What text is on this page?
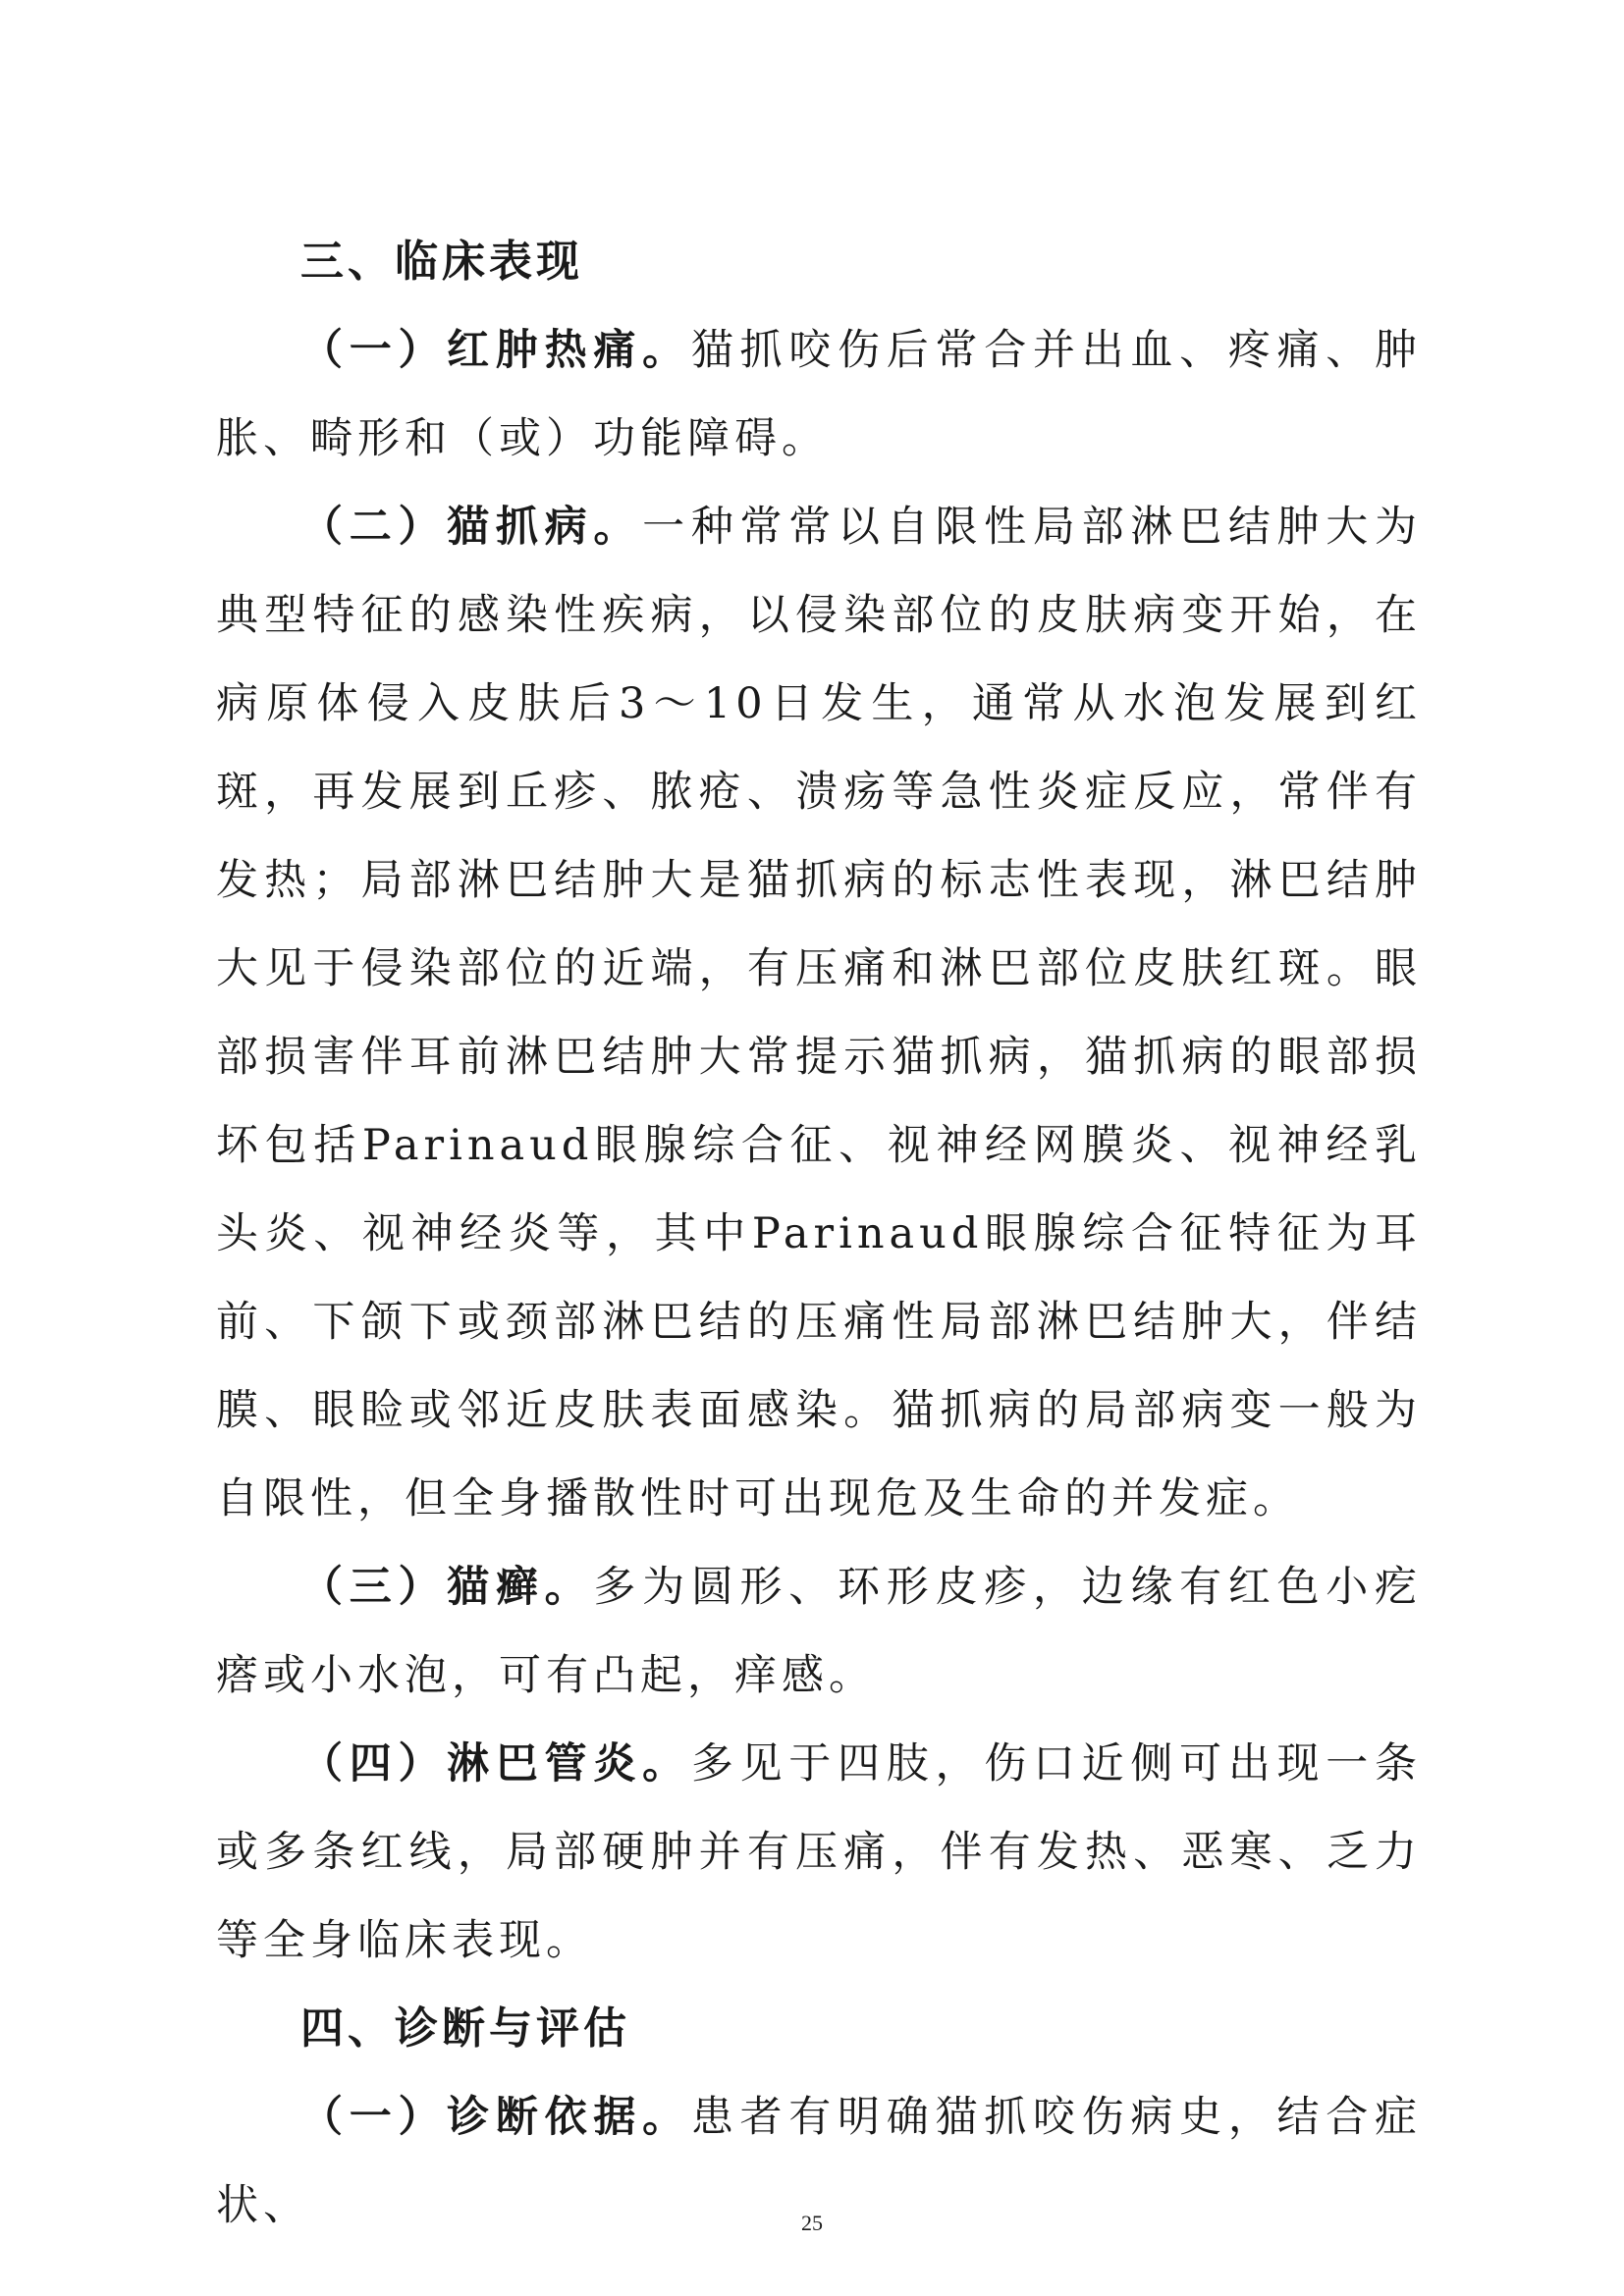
三、临床表现

（一）红肿热痛。猫抓咬伤后常合并出血、疼痛、肿胀、畸形和（或）功能障碍。

（二）猫抓病。一种常常以自限性局部淋巴结肿大为典型特征的感染性疾病，以侵染部位的皮肤病变开始，在病原体侵入皮肤后3～10日发生，通常从水泡发展到红斑，再发展到丘疹、脓疮、溃疡等急性炎症反应，常伴有发热；局部淋巴结肿大是猫抓病的标志性表现，淋巴结肿大见于侵染部位的近端，有压痛和淋巴部位皮肤红斑。眼部损害伴耳前淋巴结肿大常提示猫抓病，猫抓病的眼部损坏包括Parinaud眼腺综合征、视神经网膜炎、视神经乳头炎、视神经炎等，其中Parinaud眼腺综合征特征为耳前、下颌下或颈部淋巴结的压痛性局部淋巴结肿大，伴结膜、眼睑或邻近皮肤表面感染。猫抓病的局部病变一般为自限性，但全身播散性时可出现危及生命的并发症。

（三）猫癣。多为圆形、环形皮疹，边缘有红色小疙瘩或小水泡，可有凸起，痒感。

（四）淋巴管炎。多见于四肢，伤口近侧可出现一条或多条红线，局部硬肿并有压痛，伴有发热、恶寒、乏力等全身临床表现。

四、诊断与评估

（一）诊断依据。患者有明确猫抓咬伤病史，结合症状、	25
